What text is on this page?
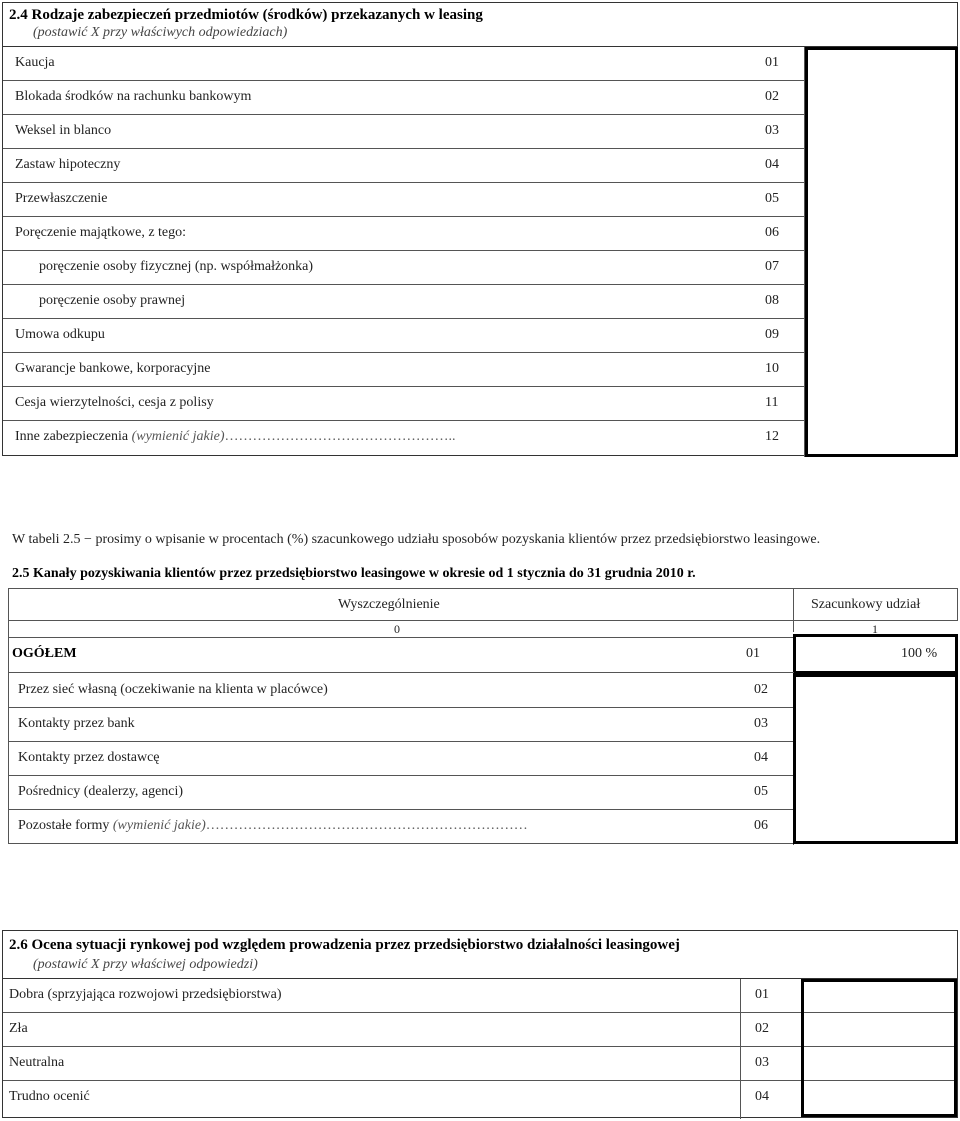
2.4 Rodzaje zabezpieczeń przedmiotów (środków) przekazanych w leasing
(postawić X przy właściwych odpowiedziach)
Kaucja	01
Blokada środków na rachunku bankowym	02
Weksel in blanco	03
Zastaw hipoteczny	04
Przewłaszczenie	05
Poręczenie majątkowe, z tego:	06
poręczenie osoby fizycznej (np. współmałżonka)	07
poręczenie osoby prawnej	08
Umowa odkupu	09
Gwarancje bankowe, korporacyjne	10
Cesja wierzytelności, cesja z polisy	11
Inne zabezpieczenia (wymienić jakie)…………………………………………..	12
W tabeli 2.5 − prosimy o wpisanie w procentach (%) szacunkowego udziału sposobów pozyskania klientów przez przedsiębiorstwo leasingowe.
2.5 Kanały pozyskiwania klientów przez przedsiębiorstwo leasingowe w okresie od 1 stycznia do 31 grudnia 2010 r.
Wyszczególnienie	Szacunkowy udział
0	1
OGÓŁEM	01	100 %
Przez sieć własną (oczekiwanie na klienta w placówce)	02
Kontakty przez bank	03
Kontakty przez dostawcę	04
Pośrednicy (dealerzy, agenci)	05
Pozostałe formy (wymienić jakie)……………………………………………………………	06
2.6 Ocena sytuacji rynkowej pod względem prowadzenia przez przedsiębiorstwo działalności leasingowej
(postawić X przy właściwej odpowiedzi)
Dobra (sprzyjająca rozwojowi przedsiębiorstwa)	01
Zła	02
Neutralna	03
Trudno ocenić	04
